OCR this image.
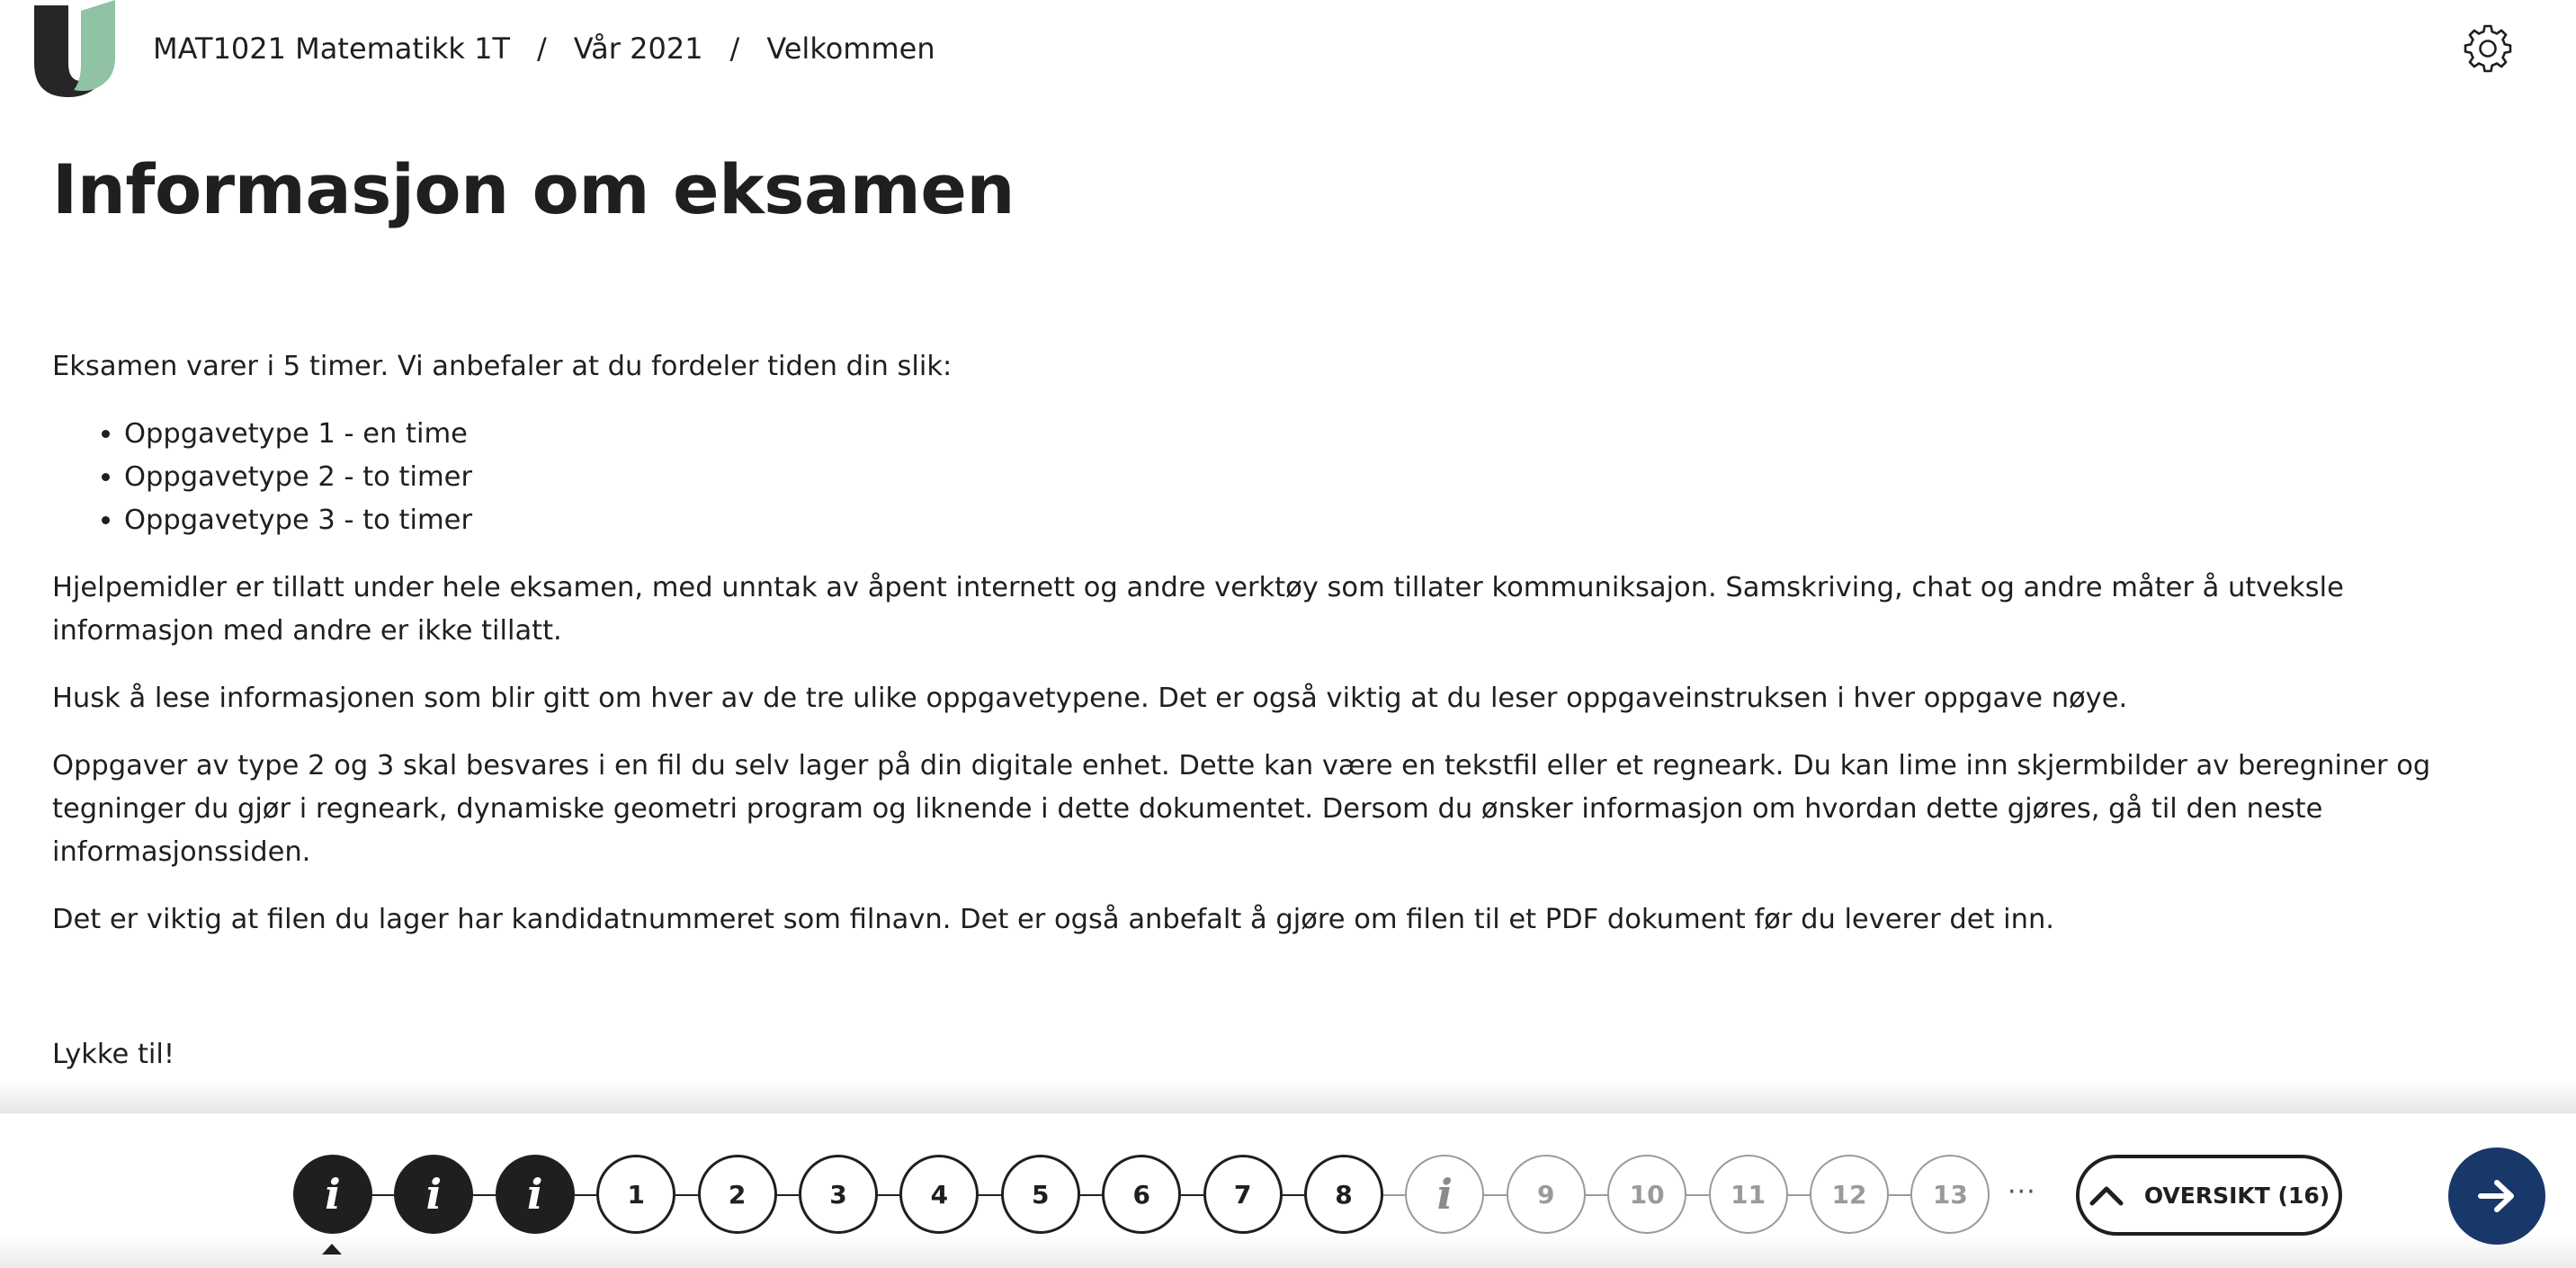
MAT1021 Matematikk 1T / Vår 2021 / Velkommen
Informasjon om eksamen

Eksamen varer i 5 timer. Vi anbefaler at du fordeler tiden din slik:

• Oppgavetype 1 - en time
• Oppgavetype 2 - to timer
• Oppgavetype 3 - to timer

Hjelpemidler er tillatt under hele eksamen, med unntak av åpent internett og andre verktøy som tillater kommuniksajon. Samskriving, chat og andre måter å utveksle informasjon med andre er ikke tillatt.

Husk å lese informasjonen som blir gitt om hver av de tre ulike oppgavetypene. Det er også viktig at du leser oppgaveinstruksen i hver oppgave nøye.

Oppgaver av type 2 og 3 skal besvares i en fil du selv lager på din digitale enhet. Dette kan være en tekstfil eller et regneark. Du kan lime inn skjermbilder av beregniner og tegninger du gjør i regneark, dynamiske geometri program og liknende i dette dokumentet. Dersom du ønsker informasjon om hvordan dette gjøres, gå til den neste informasjonssiden.

Det er viktig at filen du lager har kandidatnummeret som filnavn. Det er også anbefalt å gjøre om filen til et PDF dokument før du leverer det inn.

Lykke til!

i i i	1	2	3	4	5	6	7	8 i	9	10	11	12	13 ···	OVERSIKT (16)
